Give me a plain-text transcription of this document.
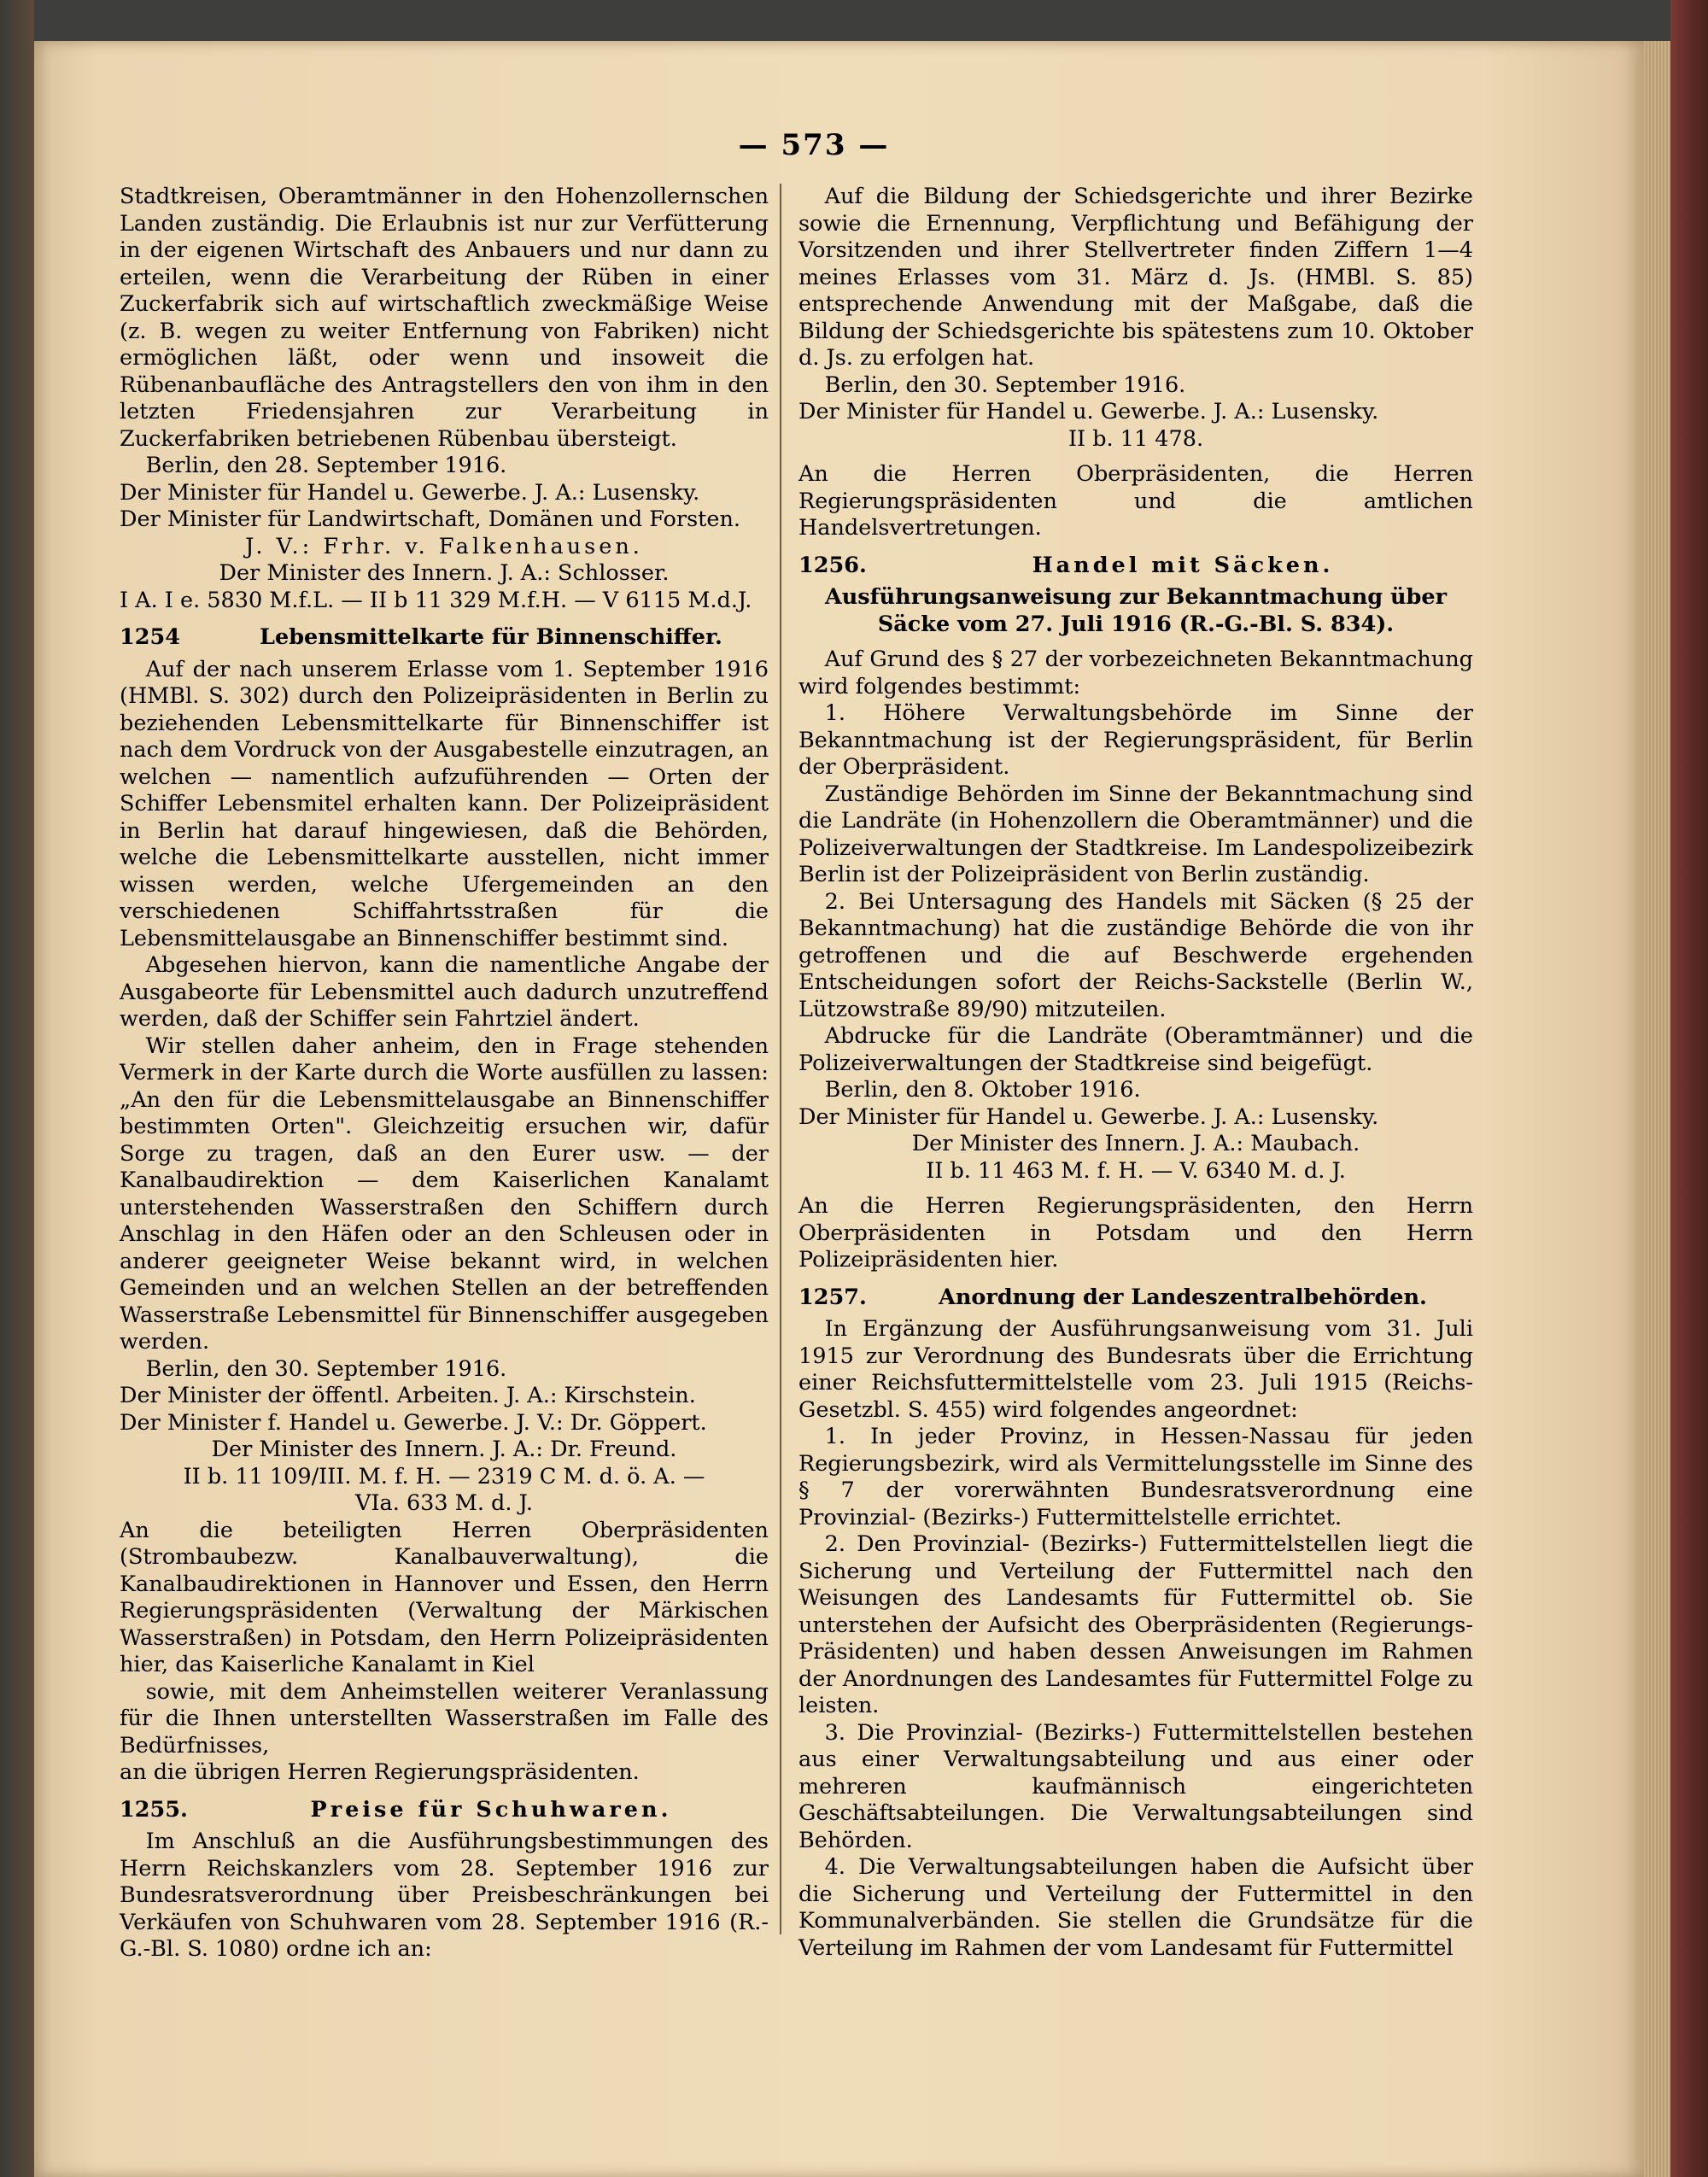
— 573 —

Stadtkreisen, Oberamtmänner in den Hohenzollernschen Landen zuständig. Die Erlaubnis ist nur zur Verfütterung in der eigenen Wirtschaft des Anbauers und nur dann zu erteilen, wenn die Verarbeitung der Rüben in einer Zuckerfabrik sich auf wirtschaftlich zweckmäßige Weise (z. B. wegen zu weiter Entfernung von Fabriken) nicht ermöglichen läßt, oder wenn und insoweit die Rübenanbaufläche des Antragstellers den von ihm in den letzten Friedensjahren zur Verarbeitung in Zuckerfabriken betriebenen Rübenbau übersteigt.

Berlin, den 28. September 1916.

Der Minister für Handel u. Gewerbe. J. A.: Lusensky.

Der Minister für Landwirtschaft, Domänen und Forsten.

J. V.: Frhr. v. Falkenhausen.

Der Minister des Innern. J. A.: Schlosser.

I A. I e. 5830 M.f.L. — II b 11 329 M.f.H. — V 6115 M.d.J.

1254	Lebensmittelkarte für Binnenschiffer.

Auf der nach unserem Erlasse vom 1. September 1916 (HMBl. S. 302) durch den Polizeipräsidenten in Berlin zu beziehenden Lebensmittelkarte für Binnenschiffer ist nach dem Vordruck von der Ausgabestelle einzutragen, an welchen — namentlich aufzuführenden — Orten der Schiffer Lebensmitel erhalten kann. Der Polizeipräsident in Berlin hat darauf hingewiesen, daß die Behörden, welche die Lebensmittelkarte ausstellen, nicht immer wissen werden, welche Ufergemeinden an den verschiedenen Schiffahrtsstraßen für die Lebensmittelausgabe an Binnenschiffer bestimmt sind.

Abgesehen hiervon, kann die namentliche Angabe der Ausgabeorte für Lebensmittel auch dadurch unzutreffend werden, daß der Schiffer sein Fahrtziel ändert.

Wir stellen daher anheim, den in Frage stehenden Vermerk in der Karte durch die Worte ausfüllen zu lassen: „An den für die Lebensmittelausgabe an Binnenschiffer bestimmten Orten". Gleichzeitig ersuchen wir, dafür Sorge zu tragen, daß an den Eurer usw. — der Kanalbaudirektion — dem Kaiserlichen Kanalamt unterstehenden Wasserstraßen den Schiffern durch Anschlag in den Häfen oder an den Schleusen oder in anderer geeigneter Weise bekannt wird, in welchen Gemeinden und an welchen Stellen an der betreffenden Wasserstraße Lebensmittel für Binnenschiffer ausgegeben werden.

Berlin, den 30. September 1916.

Der Minister der öffentl. Arbeiten. J. A.: Kirschstein.

Der Minister f. Handel u. Gewerbe. J. V.: Dr. Göppert.

Der Minister des Innern. J. A.: Dr. Freund.

II b. 11 109/III. M. f. H. — 2319 C M. d. ö. A. —

VIa. 633 M. d. J.

An die beteiligten Herren Oberpräsidenten (Strombaubezw. Kanalbauverwaltung), die Kanalbaudirektionen in Hannover und Essen, den Herrn Regierungspräsidenten (Verwaltung der Märkischen Wasserstraßen) in Potsdam, den Herrn Polizeipräsidenten hier, das Kaiserliche Kanalamt in Kiel

sowie, mit dem Anheimstellen weiterer Veranlassung für die Ihnen unterstellten Wasserstraßen im Falle des Bedürfnisses,

an die übrigen Herren Regierungspräsidenten.

1255.	Preise für Schuhwaren.

Im Anschluß an die Ausführungsbestimmungen des Herrn Reichskanzlers vom 28. September 1916 zur Bundesratsverordnung über Preisbeschränkungen bei Verkäufen von Schuhwaren vom 28. September 1916 (R.-G.-Bl. S. 1080) ordne ich an:

Auf die Bildung der Schiedsgerichte und ihrer Bezirke sowie die Ernennung, Verpflichtung und Befähigung der Vorsitzenden und ihrer Stellvertreter finden Ziffern 1—4 meines Erlasses vom 31. März d. Js. (HMBl. S. 85) entsprechende Anwendung mit der Maßgabe, daß die Bildung der Schiedsgerichte bis spätestens zum 10. Oktober d. Js. zu erfolgen hat.

Berlin, den 30. September 1916.

Der Minister für Handel u. Gewerbe. J. A.: Lusensky.

II b. 11 478.

An die Herren Oberpräsidenten, die Herren Regierungspräsidenten und die amtlichen Handelsvertretungen.

1256.	Handel mit Säcken.

Ausführungsanweisung zur Bekanntmachung über Säcke vom 27. Juli 1916 (R.-G.-Bl. S. 834).

Auf Grund des § 27 der vorbezeichneten Bekanntmachung wird folgendes bestimmt:

1. Höhere Verwaltungsbehörde im Sinne der Bekanntmachung ist der Regierungspräsident, für Berlin der Oberpräsident.

Zuständige Behörden im Sinne der Bekanntmachung sind die Landräte (in Hohenzollern die Oberamtmänner) und die Polizeiverwaltungen der Stadtkreise. Im Landespolizeibezirk Berlin ist der Polizeipräsident von Berlin zuständig.

2. Bei Untersagung des Handels mit Säcken (§ 25 der Bekanntmachung) hat die zuständige Behörde die von ihr getroffenen und die auf Beschwerde ergehenden Entscheidungen sofort der Reichs-Sackstelle (Berlin W., Lützowstraße 89/90) mitzuteilen.

Abdrucke für die Landräte (Oberamtmänner) und die Polizeiverwaltungen der Stadtkreise sind beigefügt.

Berlin, den 8. Oktober 1916.

Der Minister für Handel u. Gewerbe. J. A.: Lusensky.

Der Minister des Innern. J. A.: Maubach.

II b. 11 463 M. f. H. — V. 6340 M. d. J.

An die Herren Regierungspräsidenten, den Herrn Oberpräsidenten in Potsdam und den Herrn Polizeipräsidenten hier.

1257.	Anordnung der Landeszentralbehörden.

In Ergänzung der Ausführungsanweisung vom 31. Juli 1915 zur Verordnung des Bundesrats über die Errichtung einer Reichsfuttermittelstelle vom 23. Juli 1915 (Reichs-Gesetzbl. S. 455) wird folgendes angeordnet:

1. In jeder Provinz, in Hessen-Nassau für jeden Regierungsbezirk, wird als Vermittelungsstelle im Sinne des § 7 der vorerwähnten Bundesratsverordnung eine Provinzial- (Bezirks-) Futtermittelstelle errichtet.

2. Den Provinzial- (Bezirks-) Futtermittelstellen liegt die Sicherung und Verteilung der Futtermittel nach den Weisungen des Landesamts für Futtermittel ob. Sie unterstehen der Aufsicht des Oberpräsidenten (Regierungs-Präsidenten) und haben dessen Anweisungen im Rahmen der Anordnungen des Landesamtes für Futtermittel Folge zu leisten.

3. Die Provinzial- (Bezirks-) Futtermittelstellen bestehen aus einer Verwaltungsabteilung und aus einer oder mehreren kaufmännisch eingerichteten Geschäftsabteilungen. Die Verwaltungsabteilungen sind Behörden.

4. Die Verwaltungsabteilungen haben die Aufsicht über die Sicherung und Verteilung der Futtermittel in den Kommunalverbänden. Sie stellen die Grundsätze für die Verteilung im Rahmen der vom Landesamt für Futtermittel
